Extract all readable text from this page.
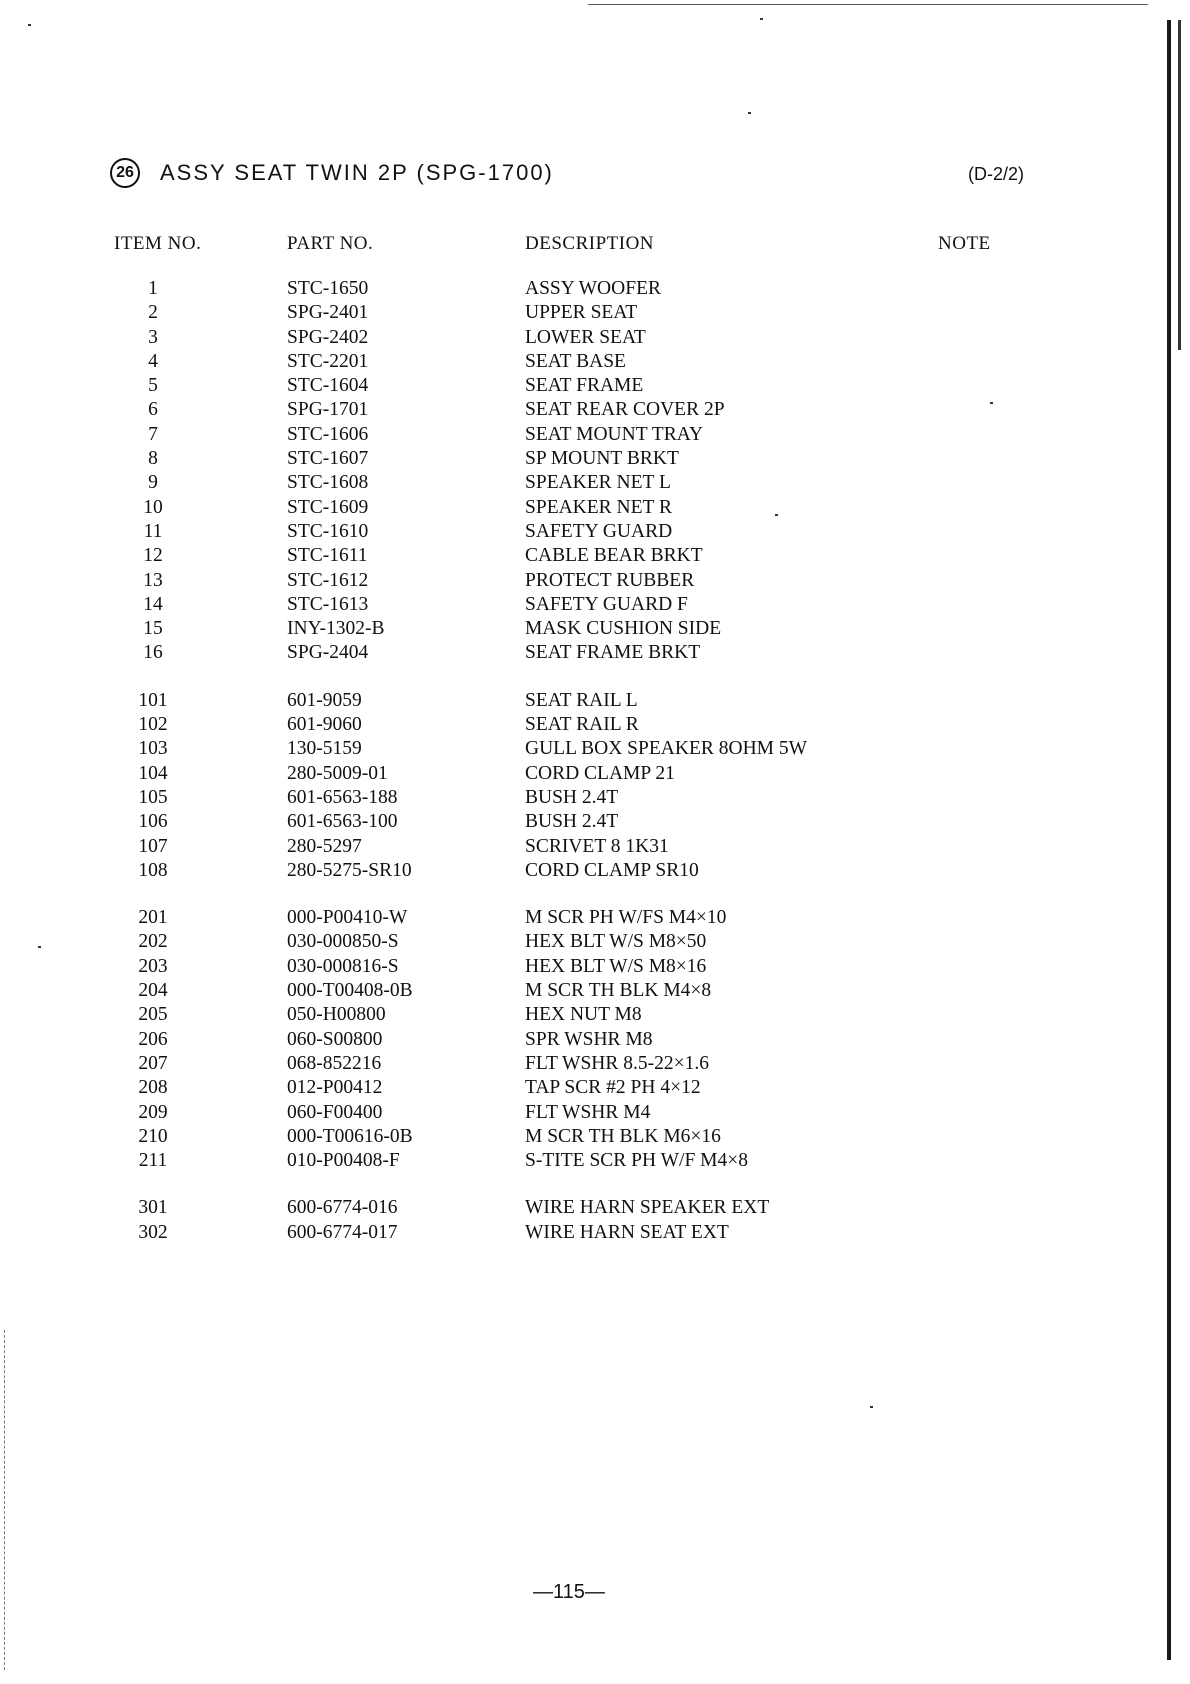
26 ASSY SEAT TWIN 2P (SPG-1700)	(D-2/2)
ITEM NO.	PART NO.	DESCRIPTION	NOTE
1	STC-1650	ASSY WOOFER
2	SPG-2401	UPPER SEAT
3	SPG-2402	LOWER SEAT
4	STC-2201	SEAT BASE
5	STC-1604	SEAT FRAME
6	SPG-1701	SEAT REAR COVER 2P
7	STC-1606	SEAT MOUNT TRAY
8	STC-1607	SP MOUNT BRKT
9	STC-1608	SPEAKER NET L
10	STC-1609	SPEAKER NET R
11	STC-1610	SAFETY GUARD
12	STC-1611	CABLE BEAR BRKT
13	STC-1612	PROTECT RUBBER
14	STC-1613	SAFETY GUARD F
15	INY-1302-B	MASK CUSHION SIDE
16	SPG-2404	SEAT FRAME BRKT
101	601-9059	SEAT RAIL L
102	601-9060	SEAT RAIL R
103	130-5159	GULL BOX SPEAKER 8OHM 5W
104	280-5009-01	CORD CLAMP 21
105	601-6563-188	BUSH 2.4T
106	601-6563-100	BUSH 2.4T
107	280-5297	SCRIVET 8 1K31
108	280-5275-SR10	CORD CLAMP SR10
201	000-P00410-W	M SCR PH W/FS M4×10
202	030-000850-S	HEX BLT W/S M8×50
203	030-000816-S	HEX BLT W/S M8×16
204	000-T00408-0B	M SCR TH BLK M4×8
205	050-H00800	HEX NUT M8
206	060-S00800	SPR WSHR M8
207	068-852216	FLT WSHR 8.5-22×1.6
208	012-P00412	TAP SCR #2 PH 4×12
209	060-F00400	FLT WSHR M4
210	000-T00616-0B	M SCR TH BLK M6×16
211	010-P00408-F	S-TITE SCR PH W/F M4×8
301	600-6774-016	WIRE HARN SPEAKER EXT
302	600-6774-017	WIRE HARN SEAT EXT
—115—
